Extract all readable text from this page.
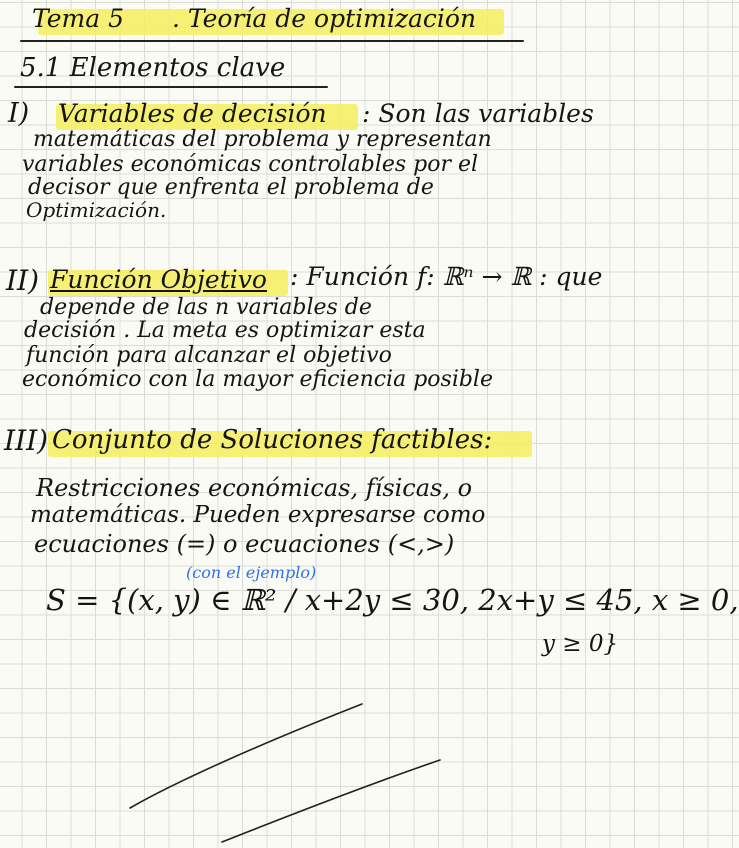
Tema 5 . Teoría de optimización
5.1 Elementos clave
I) Variables de decisión : Son las variables
matemáticas del problema y representan
variables económicas controlables por el
decisor que enfrenta el problema de
Optimización.
II) Función Objetivo : Función f: ℝⁿ → ℝ : que
depende de las n variables de
decisión . La meta es optimizar esta
función para alcanzar el objetivo
económico con la mayor eficiencia posible
III) Conjunto de Soluciones factibles:
Restricciones económicas, físicas, o
matemáticas. Pueden expresarse como
ecuaciones (=) o ecuaciones (<,>)
(con el ejemplo)
S = {(x, y) ∈ ℝ² / x+2y ≤ 30, 2x+y ≤ 45, x ≥ 0,
y ≥ 0}
